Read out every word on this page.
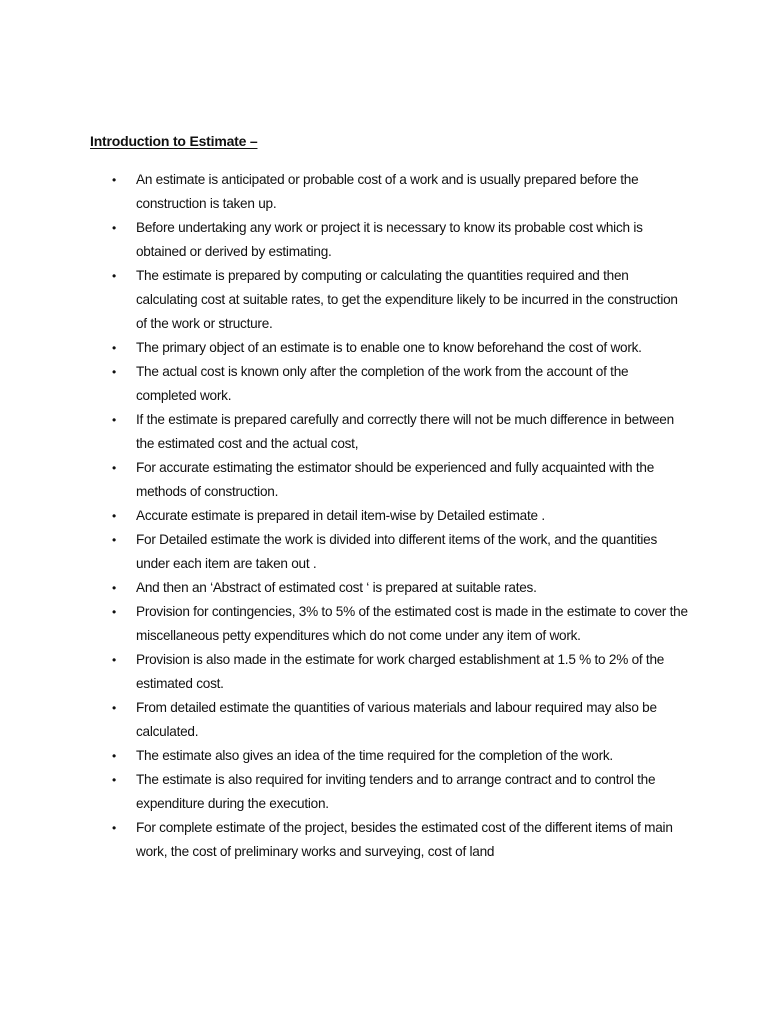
Introduction to Estimate –
•	An estimate is anticipated or probable cost of a work and is usually prepared before the construction is taken up.
•	Before undertaking any work or project it is necessary to know its probable cost which is obtained or derived by estimating.
•	The estimate is prepared by computing or calculating the quantities required and then calculating cost at suitable rates, to get the expenditure likely to be incurred in the construction of the work or structure.
•	The primary object of an estimate is to enable one to know beforehand the cost of work.
•	The actual cost is known only after the completion of the work from the account of the completed work.
•	If the estimate is prepared carefully and correctly there will not be much difference in between the estimated cost and the actual cost,
•	For accurate estimating the estimator should be experienced and fully acquainted with the methods of construction.
•	Accurate estimate is prepared in detail item-wise by Detailed estimate .
•	For Detailed estimate the work is divided into different items of the work, and the quantities under each item are taken out .
•	And then an ‘Abstract of estimated cost ‘ is prepared at suitable rates.
•	Provision for contingencies, 3% to 5% of the estimated cost is made in the estimate to cover the miscellaneous petty expenditures which do not come under any item of work.
•	Provision is also made in the estimate for work charged establishment at 1.5 % to 2% of the estimated cost.
•	From detailed estimate the quantities of various materials and labour required may also be calculated.
•	The estimate also gives an idea of the time required for the completion of the work.
•	The estimate is also required for inviting tenders and to arrange contract and to control the expenditure during the execution.
•	For complete estimate of the project, besides the estimated cost of the different items of main work, the cost of preliminary works and surveying, cost of land
